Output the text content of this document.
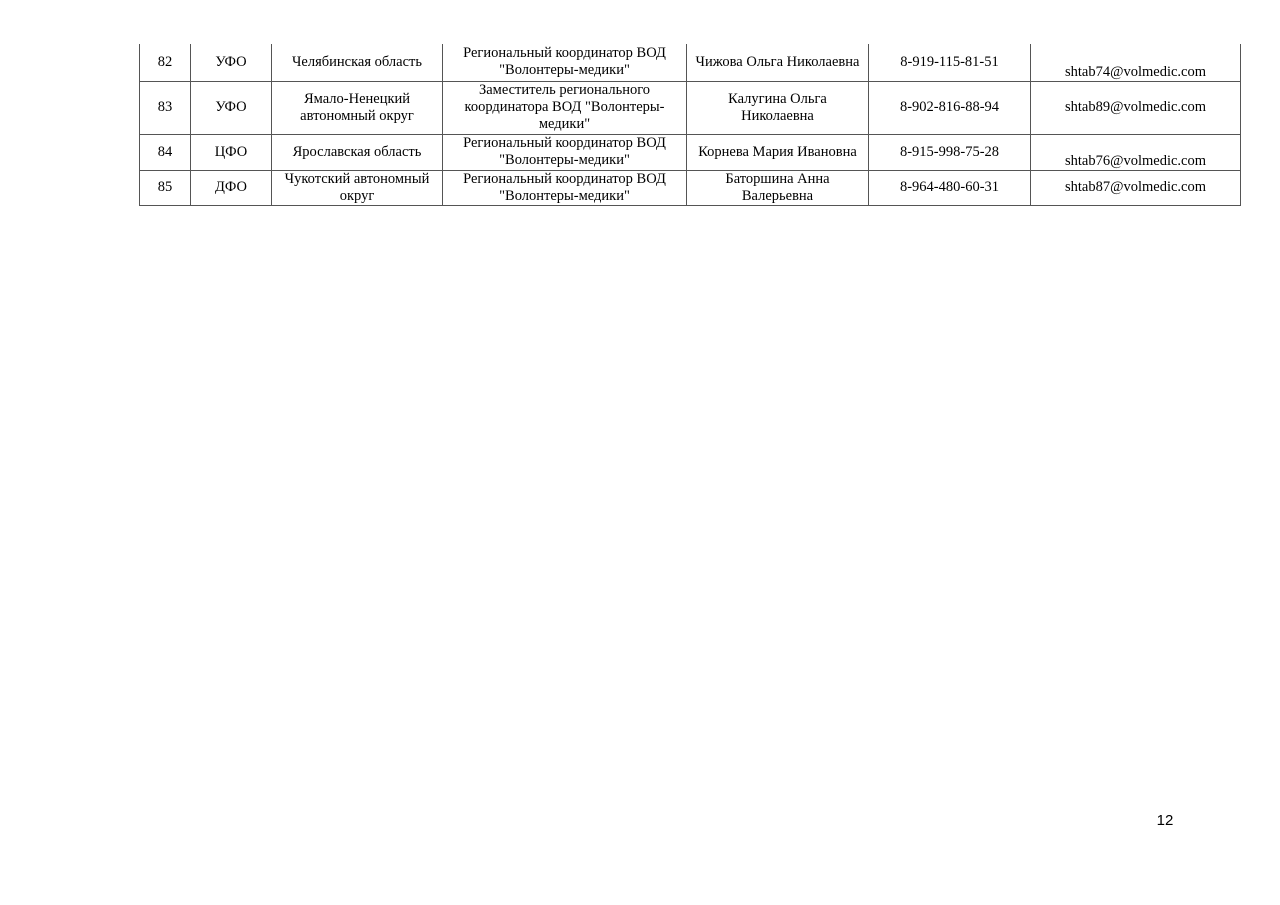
82	УФО	Челябинская область	Региональный координатор ВОД "Волонтеры-медики"	Чижова Ольга Николаевна	8-919-115-81-51	shtab74@volmedic.com
83	УФО	Ямало-Ненецкий автономный округ	Заместитель регионального координатора ВОД "Волонтеры-медики"	Калугина Ольга Николаевна	8-902-816-88-94	shtab89@volmedic.com
84	ЦФО	Ярославская область	Региональный координатор ВОД "Волонтеры-медики"	Корнева Мария Ивановна	8-915-998-75-28	shtab76@volmedic.com
85	ДФО	Чукотский автономный округ	Региональный координатор ВОД "Волонтеры-медики"	Баторшина Анна Валерьевна	8-964-480-60-31	shtab87@volmedic.com
12
